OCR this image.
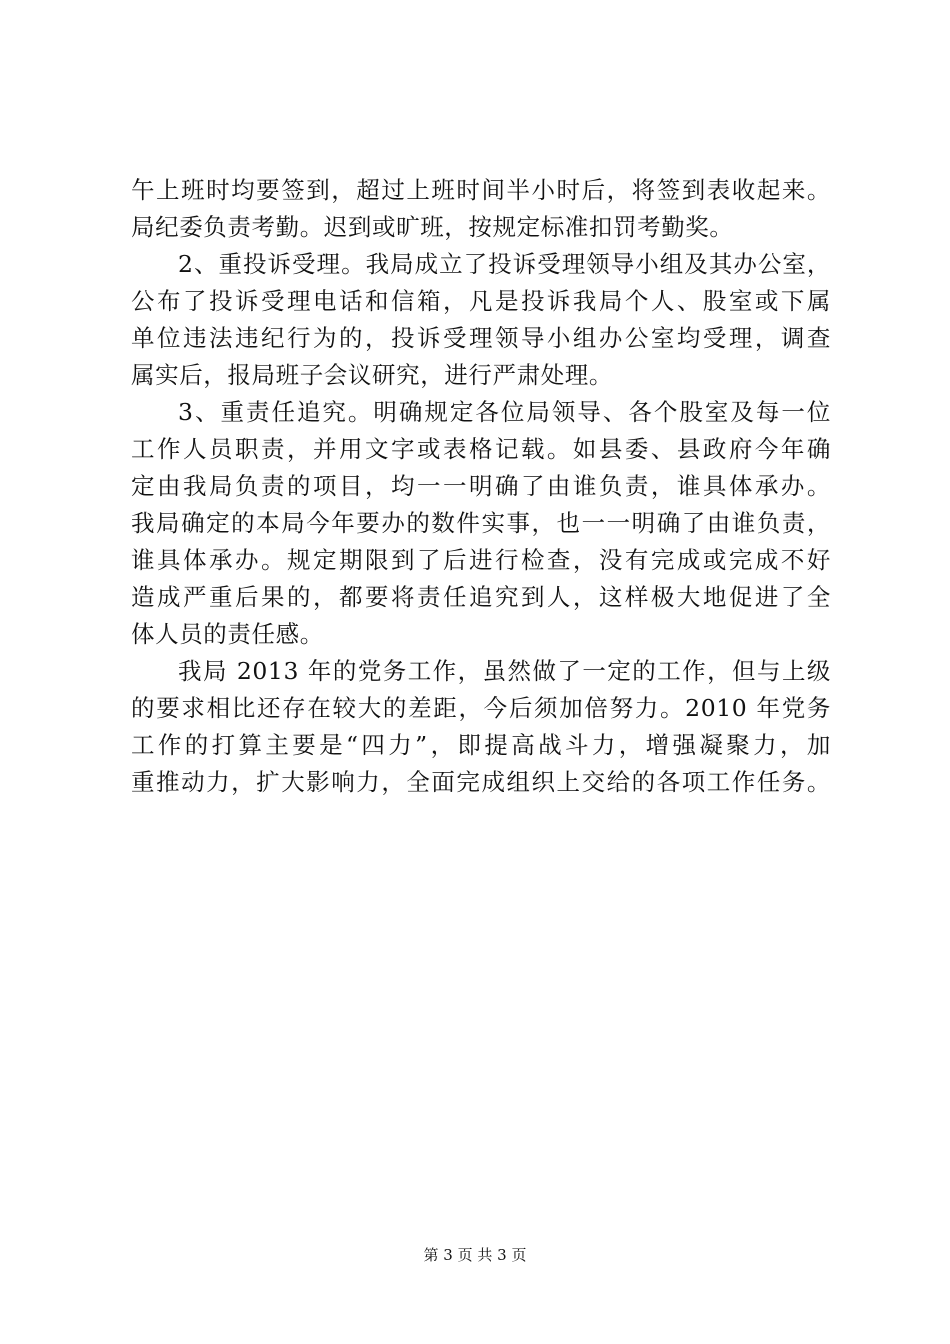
午上班时均要签到，超过上班时间半小时后，将签到表收起来。
局纪委负责考勤。迟到或旷班，按规定标准扣罚考勤奖。
2、重投诉受理。我局成立了投诉受理领导小组及其办公室，
公布了投诉受理电话和信箱，凡是投诉我局个人、股室或下属
单位违法违纪行为的，投诉受理领导小组办公室均受理，调查
属实后，报局班子会议研究，进行严肃处理。
3、重责任追究。明确规定各位局领导、各个股室及每一位
工作人员职责，并用文字或表格记载。如县委、县政府今年确
定由我局负责的项目，均一一明确了由谁负责，谁具体承办。
我局确定的本局今年要办的数件实事，也一一明确了由谁负责，
谁具体承办。规定期限到了后进行检查，没有完成或完成不好
造成严重后果的，都要将责任追究到人，这样极大地促进了全
体人员的责任感。
我局 2013 年的党务工作，虽然做了一定的工作，但与上级
的要求相比还存在较大的差距，今后须加倍努力。2010 年党务
工作的打算主要是“四力”，即提高战斗力，增强凝聚力，加
重推动力，扩大影响力，全面完成组织上交给的各项工作任务。
第 3 页 共 3 页
